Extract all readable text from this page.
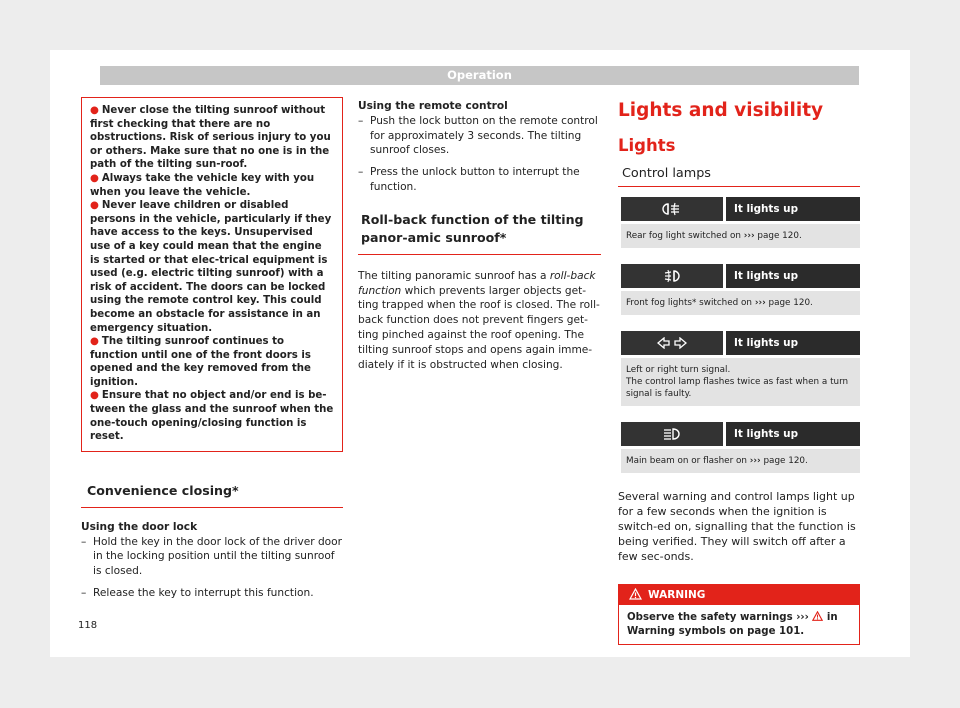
Operation
● Never close the tilting sunroof without first checking that there are no obstructions. Risk of serious injury to you or others. Make sure that no one is in the path of the tilting sun-roof.
● Always take the vehicle key with you when you leave the vehicle.
● Never leave children or disabled persons in the vehicle, particularly if they have access to the keys. Unsupervised use of a key could mean that the engine is started or that elec-trical equipment is used (e.g. electric tilting sunroof) with a risk of accident. The doors can be locked using the remote control key. This could become an obstacle for assistance in an emergency situation.
● The tilting sunroof continues to function until one of the front doors is opened and the key removed from the ignition.
● Ensure that no object and/or end is be-tween the glass and the sunroof when the one-touch opening/closing function is reset.
Convenience closing*
Using the door lock
– Hold the key in the door lock of the driver door in the locking position until the tilting sunroof is closed.
– Release the key to interrupt this function.
Using the remote control
– Push the lock button on the remote control for approximately 3 seconds. The tilting sunroof closes.
– Press the unlock button to interrupt the function.
Roll-back function of the tilting panor-amic sunroof*
The tilting panoramic sunroof has a roll-back function which prevents larger objects get-ting trapped when the roof is closed. The roll-back function does not prevent fingers get-ting pinched against the roof opening. The tilting sunroof stops and opens again imme-diately if it is obstructed when closing.
Lights and visibility
Lights
Control lamps
It lights up
Rear fog light switched on ››› page 120.
It lights up
Front fog lights* switched on ››› page 120.
It lights up
Left or right turn signal.
The control lamp flashes twice as fast when a turn signal is faulty.
It lights up
Main beam on or flasher on ››› page 120.
Several warning and control lamps light up for a few seconds when the ignition is switch-ed on, signalling that the function is being verified. They will switch off after a few sec-onds.
WARNING
Observe the safety warnings ››› in Warning symbols on page 101.
118
